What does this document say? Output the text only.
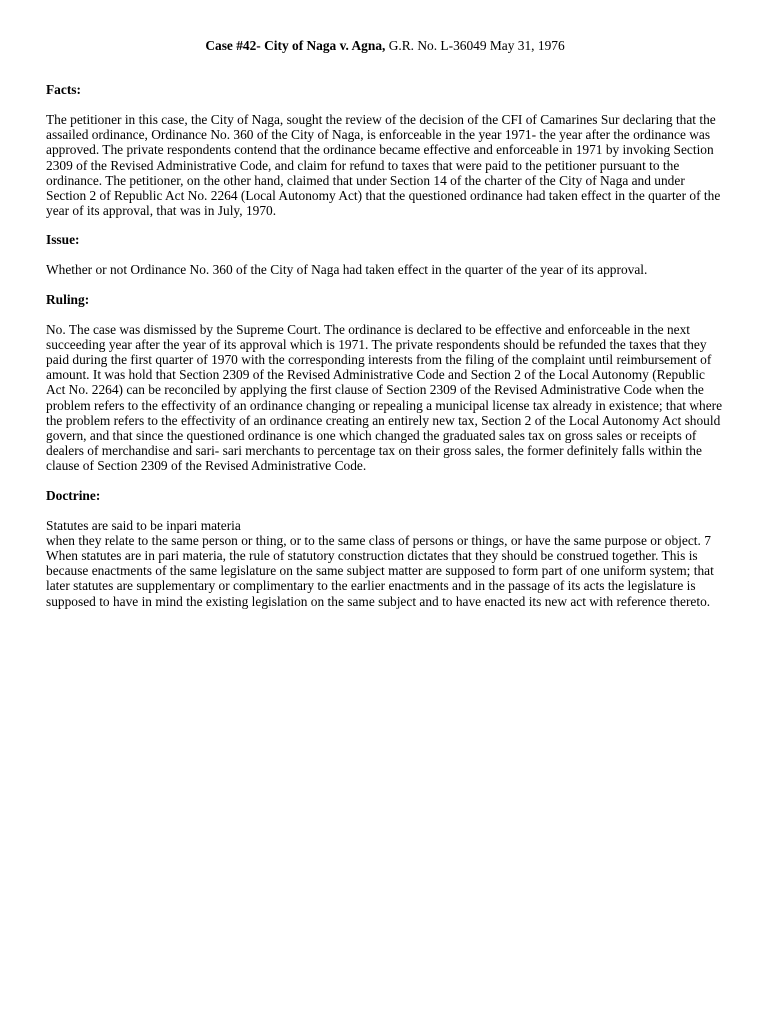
Case #42- City of Naga v. Agna, G.R. No. L-36049 May 31, 1976
Facts:
The petitioner in this case, the City of Naga, sought the review of the decision of the CFI of Camarines Sur declaring that the assailed ordinance, Ordinance No. 360 of the City of Naga, is enforceable in the year 1971- the year after the ordinance was approved. The private respondents contend that the ordinance became effective and enforceable in 1971 by invoking Section 2309 of the Revised Administrative Code, and claim for refund to taxes that were paid to the petitioner pursuant to the ordinance. The petitioner, on the other hand, claimed that under Section 14 of the charter of the City of Naga and under Section 2 of Republic Act No. 2264 (Local Autonomy Act) that the questioned ordinance had taken effect in the quarter of the year of its approval, that was in July, 1970.
Issue:
Whether or not Ordinance No. 360 of the City of Naga had taken effect in the quarter of the year of its approval.
Ruling:
No. The case was dismissed by the Supreme Court. The ordinance is declared to be effective and enforceable in the next succeeding year after the year of its approval which is 1971. The private respondents should be refunded the taxes that they paid during the first quarter of 1970 with the corresponding interests from the filing of the complaint until reimbursement of amount. It was hold that Section 2309 of the Revised Administrative Code and Section 2 of the Local Autonomy (Republic Act No. 2264) can be reconciled by applying the first clause of Section 2309 of the Revised Administrative Code when the problem refers to the effectivity of an ordinance changing or repealing a municipal license tax already in existence; that where the problem refers to the effectivity of an ordinance creating an entirely new tax, Section 2 of the Local Autonomy Act should govern, and that since the questioned ordinance is one which changed the graduated sales tax on gross sales or receipts of dealers of merchandise and sari- sari merchants to percentage tax on their gross sales, the former definitely falls within the clause of Section 2309 of the Revised Administrative Code.
Doctrine:
Statutes are said to be inpari materia
when they relate to the same person or thing, or to the same class of persons or things, or have the same purpose or object. 7 When statutes are in pari materia, the rule of statutory construction dictates that they should be construed together. This is because enactments of the same legislature on the same subject matter are supposed to form part of one uniform system; that later statutes are supplementary or complimentary to the earlier enactments and in the passage of its acts the legislature is supposed to have in mind the existing legislation on the same subject and to have enacted its new act with reference thereto.
